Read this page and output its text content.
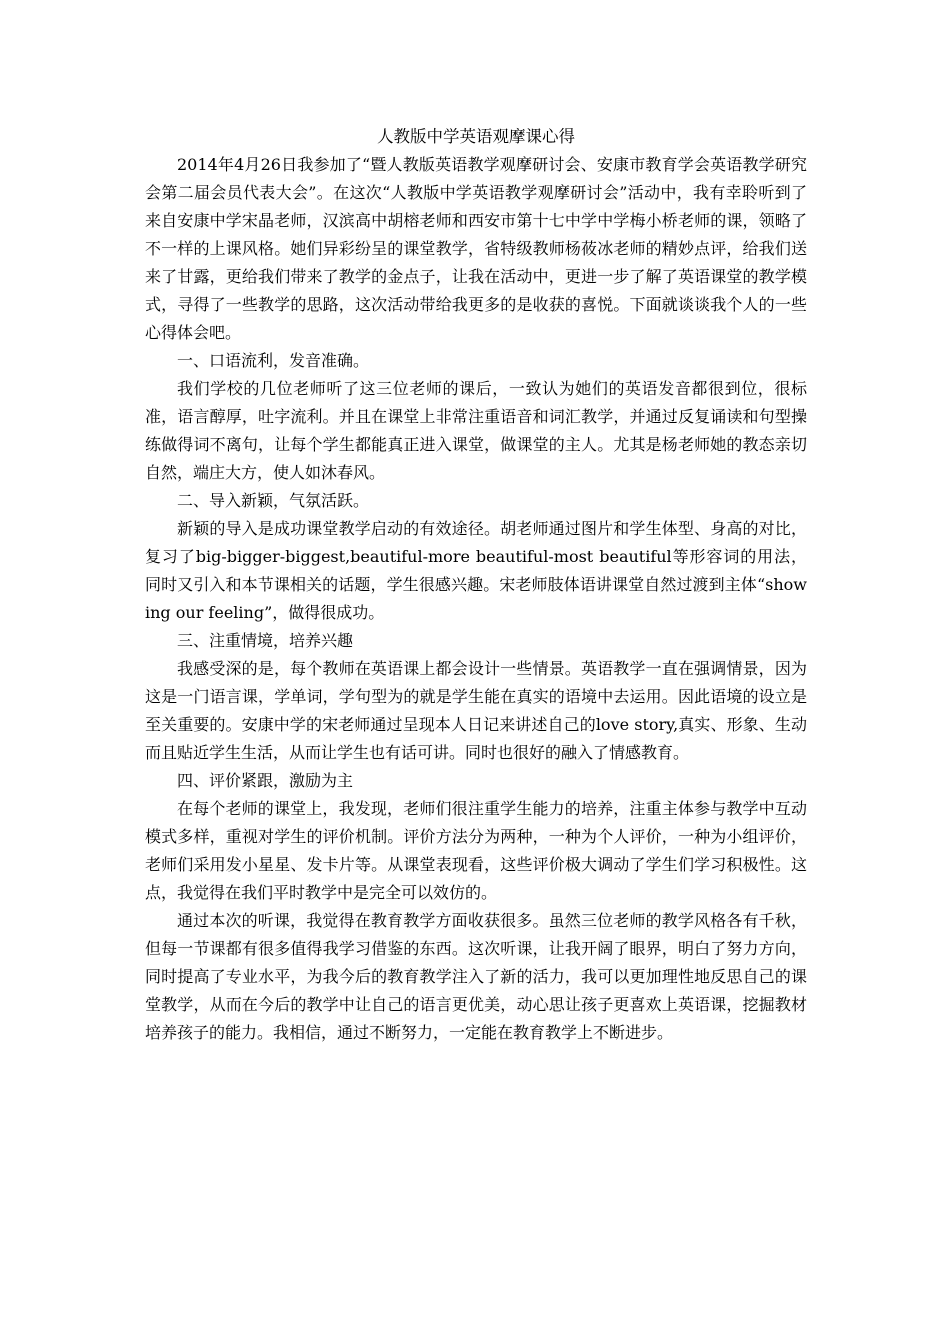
人教版中学英语观摩课心得

2014年4月26日我参加了“暨人教版英语教学观摩研讨会、安康市教育学会英语教学研究会第二届会员代表大会”。在这次“人教版中学英语教学观摩研讨会”活动中，我有幸聆听到了来自安康中学宋晶老师，汉滨高中胡榕老师和西安市第十七中学中学梅小桥老师的课，领略了不一样的上课风格。她们异彩纷呈的课堂教学，省特级教师杨莜冰老师的精妙点评，给我们送来了甘露，更给我们带来了教学的金点子，让我在活动中，更进一步了解了英语课堂的教学模式，寻得了一些教学的思路，这次活动带给我更多的是收获的喜悦。下面就谈谈我个人的一些心得体会吧。

一、口语流利，发音准确。

我们学校的几位老师听了这三位老师的课后，一致认为她们的英语发音都很到位，很标准，语言醇厚，吐字流利。并且在课堂上非常注重语音和词汇教学，并通过反复诵读和句型操练做得词不离句，让每个学生都能真正进入课堂，做课堂的主人。尤其是杨老师她的教态亲切自然，端庄大方，使人如沐春风。

二、导入新颖，气氛活跃。

新颖的导入是成功课堂教学启动的有效途径。胡老师通过图片和学生体型、身高的对比，复习了big-bigger-biggest,beautiful-more beautiful-most beautiful等形容词的用法，同时又引入和本节课相关的话题，学生很感兴趣。宋老师肢体语讲课堂自然过渡到主体“showing our feeling”，做得很成功。

三、注重情境，培养兴趣

我感受深的是，每个教师在英语课上都会设计一些情景。英语教学一直在强调情景，因为这是一门语言课，学单词，学句型为的就是学生能在真实的语境中去运用。因此语境的设立是至关重要的。安康中学的宋老师通过呈现本人日记来讲述自己的love story,真实、形象、生动而且贴近学生生活，从而让学生也有话可讲。同时也很好的融入了情感教育。

四、评价紧跟，激励为主

在每个老师的课堂上，我发现，老师们很注重学生能力的培养，注重主体参与教学中互动模式多样，重视对学生的评价机制。评价方法分为两种，一种为个人评价，一种为小组评价，老师们采用发小星星、发卡片等。从课堂表现看，这些评价极大调动了学生们学习积极性。这点，我觉得在我们平时教学中是完全可以效仿的。

通过本次的听课，我觉得在教育教学方面收获很多。虽然三位老师的教学风格各有千秋，但每一节课都有很多值得我学习借鉴的东西。这次听课，让我开阔了眼界，明白了努力方向，同时提高了专业水平，为我今后的教育教学注入了新的活力，我可以更加理性地反思自己的课堂教学，从而在今后的教学中让自己的语言更优美，动心思让孩子更喜欢上英语课，挖掘教材培养孩子的能力。我相信，通过不断努力，一定能在教育教学上不断进步。
